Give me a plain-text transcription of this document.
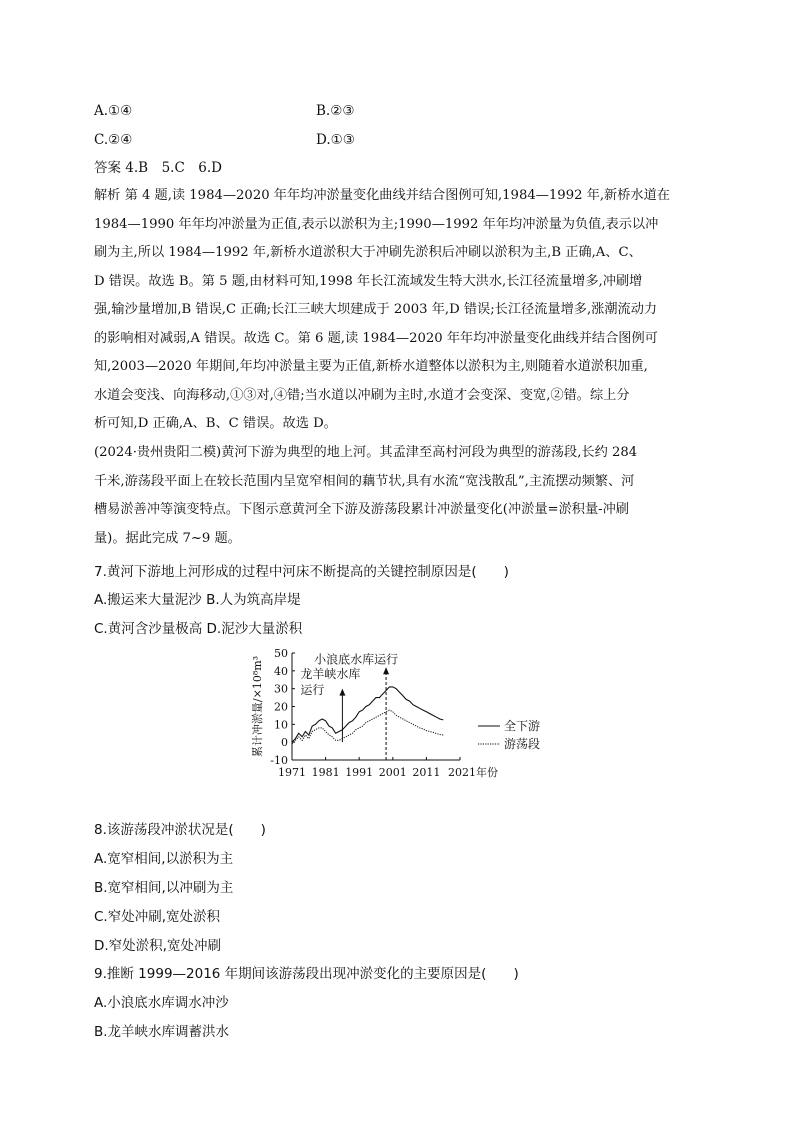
A.①④	B.②③
C.②④	D.①③
答案 4.B　5.C　6.D
解析 第 4 题,读 1984—2020 年年均冲淤量变化曲线并结合图例可知,1984—1992 年,新桥水道在
1984—1990 年年均冲淤量为正值,表示以淤积为主;1990—1992 年年均冲淤量为负值,表示以冲
刷为主,所以 1984—1992 年,新桥水道淤积大于冲刷先淤积后冲刷以淤积为主,B 正确,A、C、
D 错误。故选 B。第 5 题,由材料可知,1998 年长江流域发生特大洪水,长江径流量增多,冲刷增
强,输沙量增加,B 错误,C 正确;长江三峡大坝建成于 2003 年,D 错误;长江径流量增多,涨潮流动力
的影响相对减弱,A 错误。故选 C。第 6 题,读 1984—2020 年年均冲淤量变化曲线并结合图例可
知,2003—2020 年期间,年均冲淤量主要为正值,新桥水道整体以淤积为主,则随着水道淤积加重,
水道会变浅、向海移动,①③对,④错;当水道以冲刷为主时,水道才会变深、变宽,②错。综上分
析可知,D 正确,A、B、C 错误。故选 D。
(2024·贵州贵阳二模)黄河下游为典型的地上河。其孟津至高村河段为典型的游荡段,长约 284
千米,游荡段平面上在较长范围内呈宽窄相间的藕节状,具有水流“宽浅散乱”,主流摆动频繁、河
槽易淤善冲等演变特点。下图示意黄河全下游及游荡段累计冲淤量变化(冲淤量=淤积量-冲刷
量)。据此完成 7~9 题。
7.黄河下游地上河形成的过程中河床不断提高的关键控制原因是(　　)
A.搬运来大量泥沙 B.人为筑高岸堤
C.黄河含沙量极高 D.泥沙大量淤积
-10
0
10
20
30
40
50
1971 1981 1991 2001 2011 2021年份
累计冲淤量/×10⁸m³	龙羊峡水库
运行
小浪底水库运行
全下游
游荡段
8.该游荡段冲淤状况是(　　)
A.宽窄相间,以淤积为主
B.宽窄相间,以冲刷为主
C.窄处冲刷,宽处淤积
D.窄处淤积,宽处冲刷
9.推断 1999—2016 年期间该游荡段出现冲淤变化的主要原因是(　　)
A.小浪底水库调水冲沙
B.龙羊峡水库调蓄洪水
